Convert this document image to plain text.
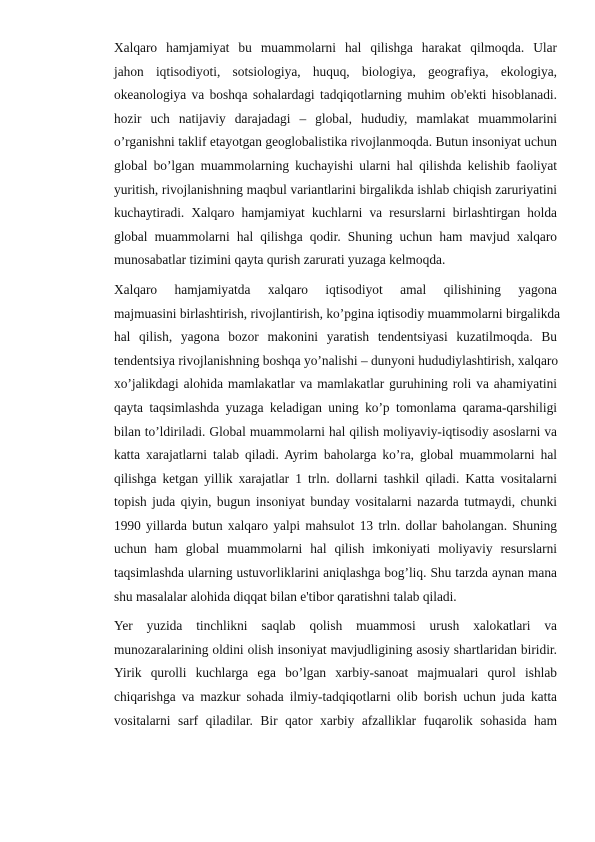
Xalqaro hamjamiyat bu muammolarni hal qilishga harakat qilmoqda. Ular
jahon iqtisodiyoti, sotsiologiya, huquq, biologiya, geografiya, ekologiya,
okeanologiya va boshqa sohalardagi tadqiqotlarning muhim ob'ekti hisoblanadi.
hozir uch natijaviy darajadagi – global, hududiy, mamlakat muammolarini
o’rganishni taklif etayotgan geoglobalistika rivojlanmoqda. Butun insoniyat uchun
global bo’lgan muammolarning kuchayishi ularni hal qilishda kelishib faoliyat
yuritish, rivojlanishning maqbul variantlarini birgalikda ishlab chiqish zaruriyatini
kuchaytiradi. Xalqaro hamjamiyat kuchlarni va resurslarni birlashtirgan holda
global muammolarni hal qilishga qodir. Shuning uchun ham mavjud xalqaro
munosabatlar tizimini qayta qurish zarurati yuzaga kelmoqda.
Xalqaro hamjamiyatda xalqaro iqtisodiyot amal qilishining yagona
majmuasini birlashtirish, rivojlantirish, ko’pgina iqtisodiy muammolarni birgalikda
hal qilish, yagona bozor makonini yaratish tendentsiyasi kuzatilmoqda. Bu
tendentsiya rivojlanishning boshqa yo’nalishi – dunyoni hududiylashtirish, xalqaro
xo’jalikdagi alohida mamlakatlar va mamlakatlar guruhining roli va ahamiyatini
qayta taqsimlashda yuzaga keladigan uning ko’p tomonlama qarama-qarshiligi
bilan to’ldiriladi. Global muammolarni hal qilish moliyaviy-iqtisodiy asoslarni va
katta xarajatlarni talab qiladi. Ayrim baholarga ko’ra, global muammolarni hal
qilishga ketgan yillik xarajatlar 1 trln. dollarni tashkil qiladi. Katta vositalarni
topish juda qiyin, bugun insoniyat bunday vositalarni nazarda tutmaydi, chunki
1990 yillarda butun xalqaro yalpi mahsulot 13 trln. dollar baholangan. Shuning
uchun ham global muammolarni hal qilish imkoniyati moliyaviy resurslarni
taqsimlashda ularning ustuvorliklarini aniqlashga bog’liq. Shu tarzda aynan mana
shu masalalar alohida diqqat bilan e'tibor qaratishni talab qiladi.
Yer yuzida tinchlikni saqlab qolish muammosi urush xalokatlari va
munozaralarining oldini olish insoniyat mavjudligining asosiy shartlaridan biridir.
Yirik qurolli kuchlarga ega bo’lgan xarbiy-sanoat majmualari qurol ishlab
chiqarishga va mazkur sohada ilmiy-tadqiqotlarni olib borish uchun juda katta
vositalarni sarf qiladilar. Bir qator xarbiy afzalliklar fuqarolik sohasida ham
